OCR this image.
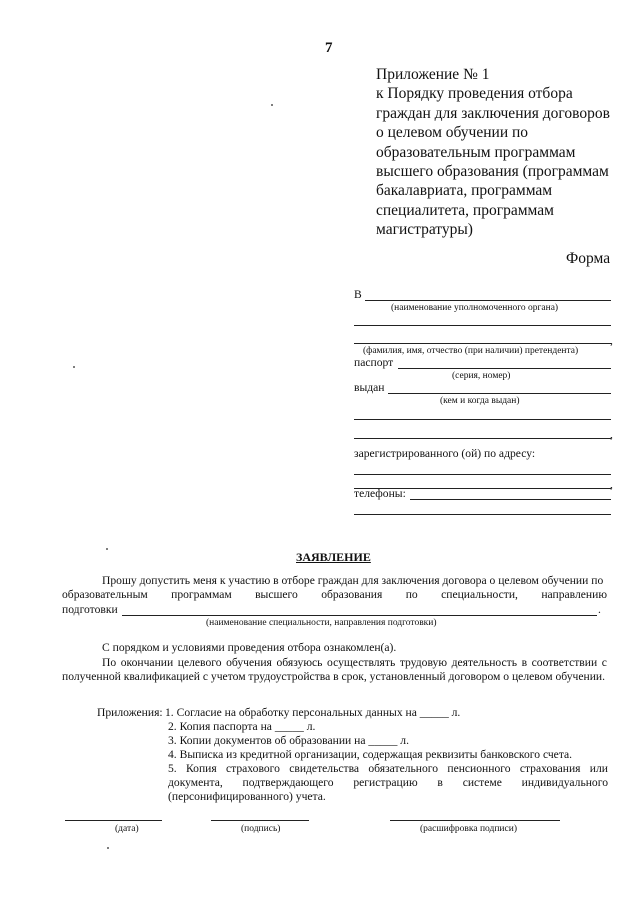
7
Приложение № 1
к Порядку проведения отбора
граждан для заключения договоров
о целевом обучении по
образовательным программам
высшего образования (программам
бакалавриата, программам
специалитета, программам
магистратуры)
Форма
В
(наименование уполномоченного органа)
,
(фамилия, имя, отчество (при наличии) претендента)
паспорт
(серия, номер)
выдан
(кем и когда выдан)
,
зарегистрированного (ой) по адресу:
,
телефоны:
ЗАЯВЛЕНИЕ
Прошу допустить меня к участию в отборе граждан для заключения договора о целевом обучении по
образовательным программам высшего образования по специальности, направлению
подготовки	.
(наименование специальности, направления подготовки)
С порядком и условиями проведения отбора ознакомлен(а).
По окончании целевого обучения обязуюсь осуществлять трудовую деятельность в соответствии с
полученной квалификацией с учетом трудоустройства в срок, установленный договором о целевом обучении.
Приложения: 1. Согласие на обработку персональных данных на _____ л.
2. Копия паспорта на _____ л.
3. Копии документов об образовании на _____ л.
4. Выписка из кредитной организации, содержащая реквизиты банковского счета.
5. Копия страхового свидетельства обязательного пенсионного страхования или
документа, подтверждающего регистрацию в системе индивидуального
(персонифицированного) учета.
(дата)	(подпись)	(расшифровка подписи)
